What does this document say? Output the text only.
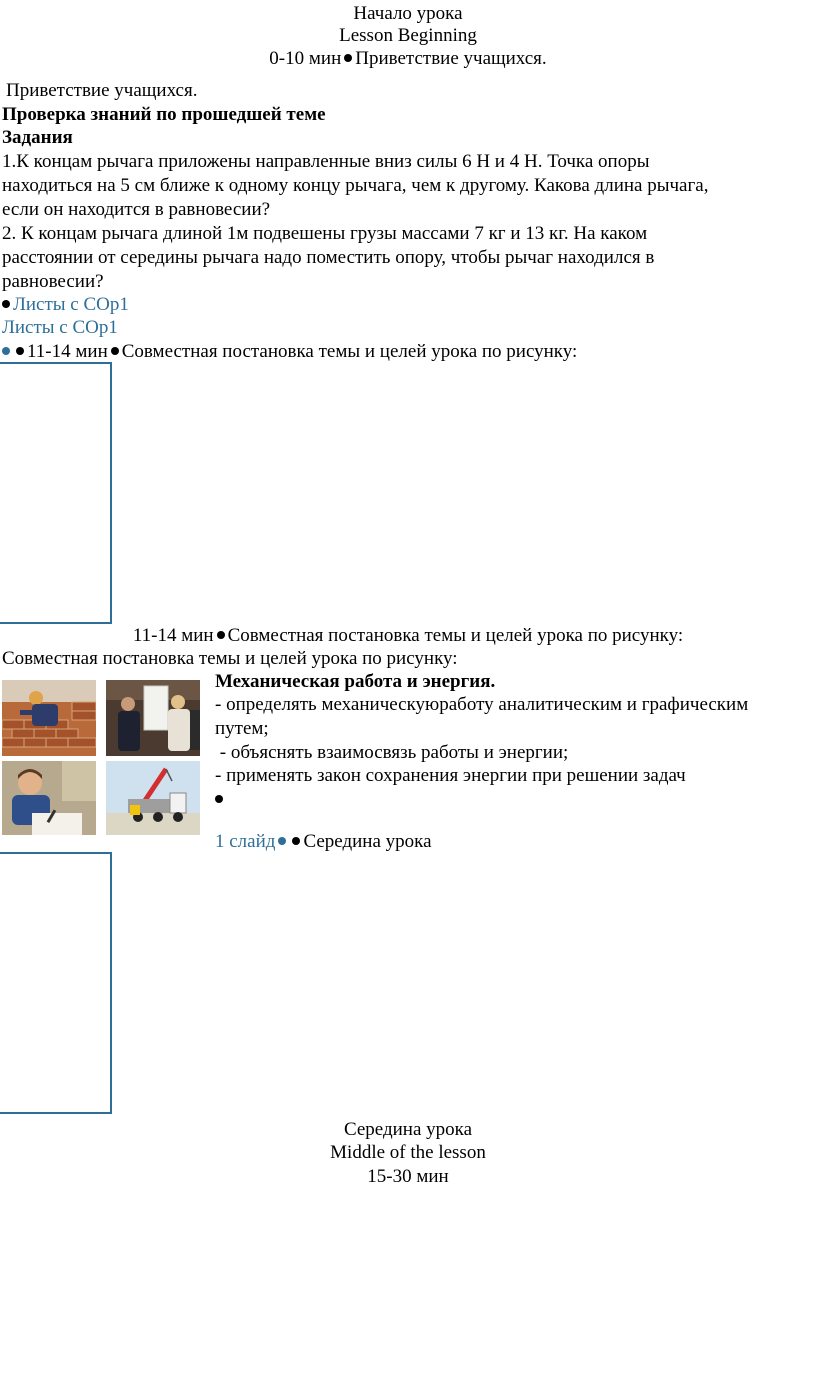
Начало урока
Lesson Beginning
0-10 мин Приветствие учащихся.
Приветствие учащихся.
Проверка знаний по прошедшей теме
Задания
1.К концам рычага приложены направленные вниз силы 6 Н и 4 Н. Точка опоры
находиться на 5 см ближе к одному концу рычага, чем к другому. Какова длина рычага,
если он находится в равновесии?
2. К концам рычага длиной 1м подвешены грузы массами 7 кг и 13 кг. На каком
расстоянии от середины рычага надо поместить опору, чтобы рычаг находился в
равновесии?
Листы с СОр1
Листы с СОр1
11-14 мин Совместная постановка темы и целей урока по рисунку:
11-14 мин Совместная постановка темы и целей урока по рисунку:
Совместная постановка темы и целей урока по рисунку:
Механическая работа и энергия.
- определять механическуюработу аналитическим и графическим
путем;
- объяснять взаимосвязь работы и энергии;
- применять закон сохранения энергии при решении задач
1 слайд Середина урока
Середина урока
Middle of the lesson
15-30 мин
